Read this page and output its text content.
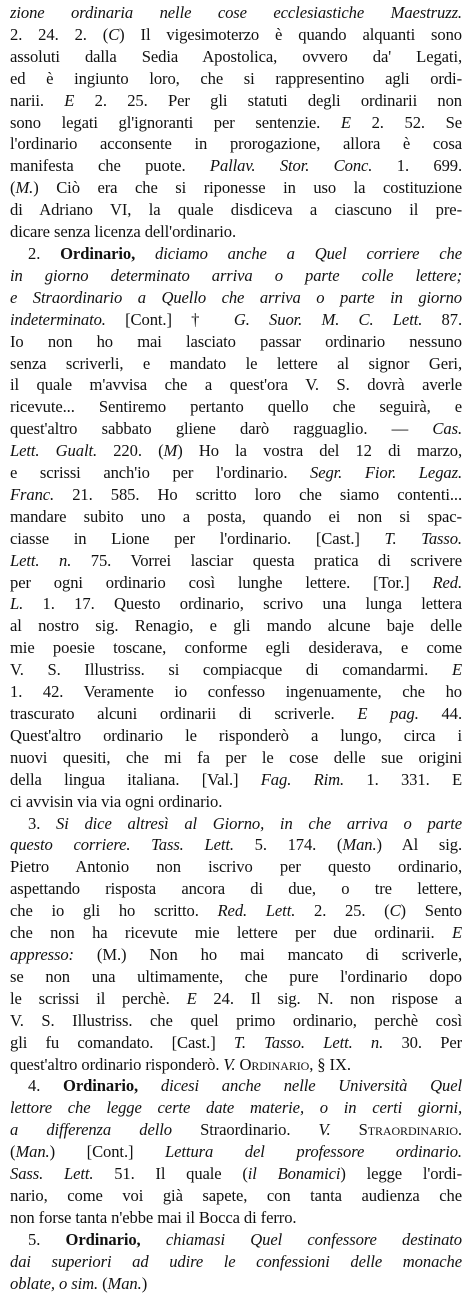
zione ordinaria nelle cose ecclesiastiche Maestruzz.
2. 24. 2. (C) Il vigesimoterzo è quando alquanti sono
assoluti dalla Sedia Apostolica, ovvero da' Legati,
ed è ingiunto loro, che si rappresentino agli ordi-
narii. E 2. 25. Per gli statuti degli ordinarii non
sono legati gl'ignoranti per sentenzie. E 2. 52. Se
l'ordinario acconsente in prorogazione, allora è cosa
manifesta che puote. Pallav. Stor. Conc. 1. 699.
(M.) Ciò era che si riponesse in uso la costituzione
di Adriano VI, la quale disdiceva a ciascuno il pre-
dicare senza licenza dell'ordinario.
2. Ordinario, diciamo anche a Quel corriere che
in giorno determinato arriva o parte colle lettere;
e Straordinario a Quello che arriva o parte in giorno
indeterminato. [Cont.] † G. Suor. M. C. Lett. 87.
Io non ho mai lasciato passar ordinario nessuno
senza scriverli, e mandato le lettere al signor Geri,
il quale m'avvisa che a quest'ora V. S. dovrà averle
ricevute... Sentiremo pertanto quello che seguirà, e
quest'altro sabbato gliene darò ragguaglio. — Cas.
Lett. Gualt. 220. (M) Ho la vostra del 12 di marzo,
e scrissi anch'io per l'ordinario. Segr. Fior. Legaz.
Franc. 21. 585. Ho scritto loro che siamo contenti...
mandare subito uno a posta, quando ei non si spac-
ciasse in Lione per l'ordinario. [Cast.] T. Tasso.
Lett. n. 75. Vorrei lasciar questa pratica di scrivere
per ogni ordinario così lunghe lettere. [Tor.] Red.
L. 1. 17. Questo ordinario, scrivo una lunga lettera
al nostro sig. Renagio, e gli mando alcune baje delle
mie poesie toscane, conforme egli desiderava, e come
V. S. Illustriss. si compiacque di comandarmi. E
1. 42. Veramente io confesso ingenuamente, che ho
trascurato alcuni ordinarii di scriverle. E pag. 44.
Quest'altro ordinario le risponderò a lungo, circa i
nuovi quesiti, che mi fa per le cose delle sue origini
della lingua italiana. [Val.] Fag. Rim. 1. 331. E
ci avvisin via via ogni ordinario.
3. Si dice altresì al Giorno, in che arriva o parte
questo corriere. Tass. Lett. 5. 174. (Man.) Al sig.
Pietro Antonio non iscrivo per questo ordinario,
aspettando risposta ancora di due, o tre lettere,
che io gli ho scritto. Red. Lett. 2. 25. (C) Sento
che non ha ricevute mie lettere per due ordinarii. E
appresso: (M.) Non ho mai mancato di scriverle,
se non una ultimamente, che pure l'ordinario dopo
le scrissi il perchè. E 24. Il sig. N. non rispose a
V. S. Illustriss. che quel primo ordinario, perchè così
gli fu comandato. [Cast.] T. Tasso. Lett. n. 30. Per
quest'altro ordinario risponderò. V. Ordinario, § IX.
4. Ordinario, dicesi anche nelle Università Quel
lettore che legge certe date materie, o in certi giorni,
a differenza dello Straordinario. V. Straordinario.
(Man.) [Cont.] Lettura del professore ordinario.
Sass. Lett. 51. Il quale (il Bonamici) legge l'ordi-
nario, come voi già sapete, con tanta audienza che
non forse tanta n'ebbe mai il Bocca di ferro.
5. Ordinario, chiamasi Quel confessore destinato
dai superiori ad udire le confessioni delle monache
oblate, o sim. (Man.)
